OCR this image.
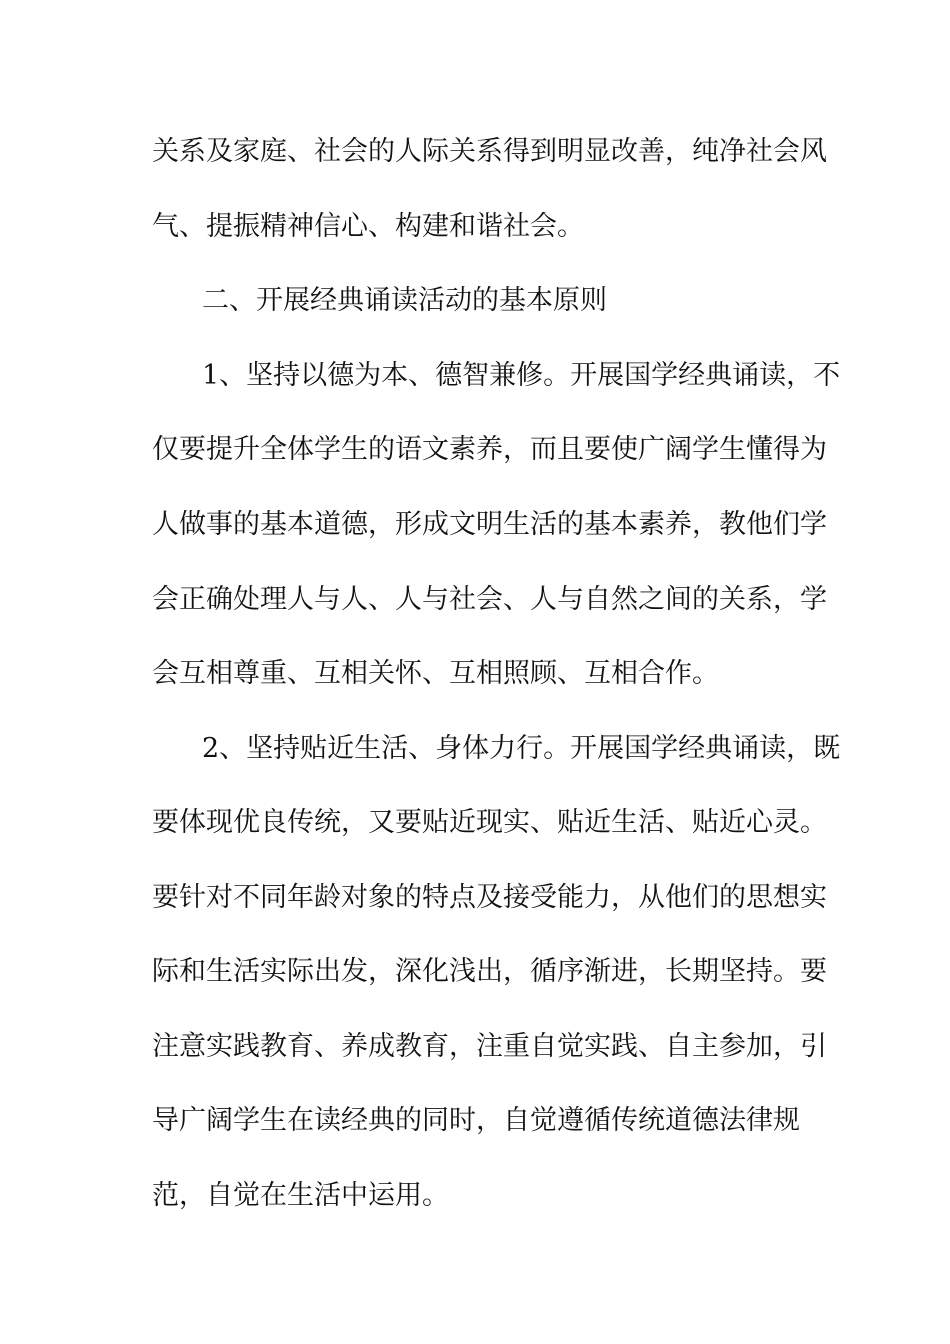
关系及家庭、社会的人际关系得到明显改善，纯净社会风
气、提振精神信心、构建和谐社会。
二、开展经典诵读活动的基本原则
1、坚持以德为本、德智兼修。开展国学经典诵读，不
仅要提升全体学生的语文素养，而且要使广阔学生懂得为
人做事的基本道德，形成文明生活的基本素养，教他们学
会正确处理人与人、人与社会、人与自然之间的关系，学
会互相尊重、互相关怀、互相照顾、互相合作。
2、坚持贴近生活、身体力行。开展国学经典诵读，既
要体现优良传统，又要贴近现实、贴近生活、贴近心灵。
要针对不同年龄对象的特点及接受能力，从他们的思想实
际和生活实际出发，深化浅出，循序渐进，长期坚持。要
注意实践教育、养成教育，注重自觉实践、自主参加，引
导广阔学生在读经典的同时，自觉遵循传统道德法律规
范，自觉在生活中运用。
